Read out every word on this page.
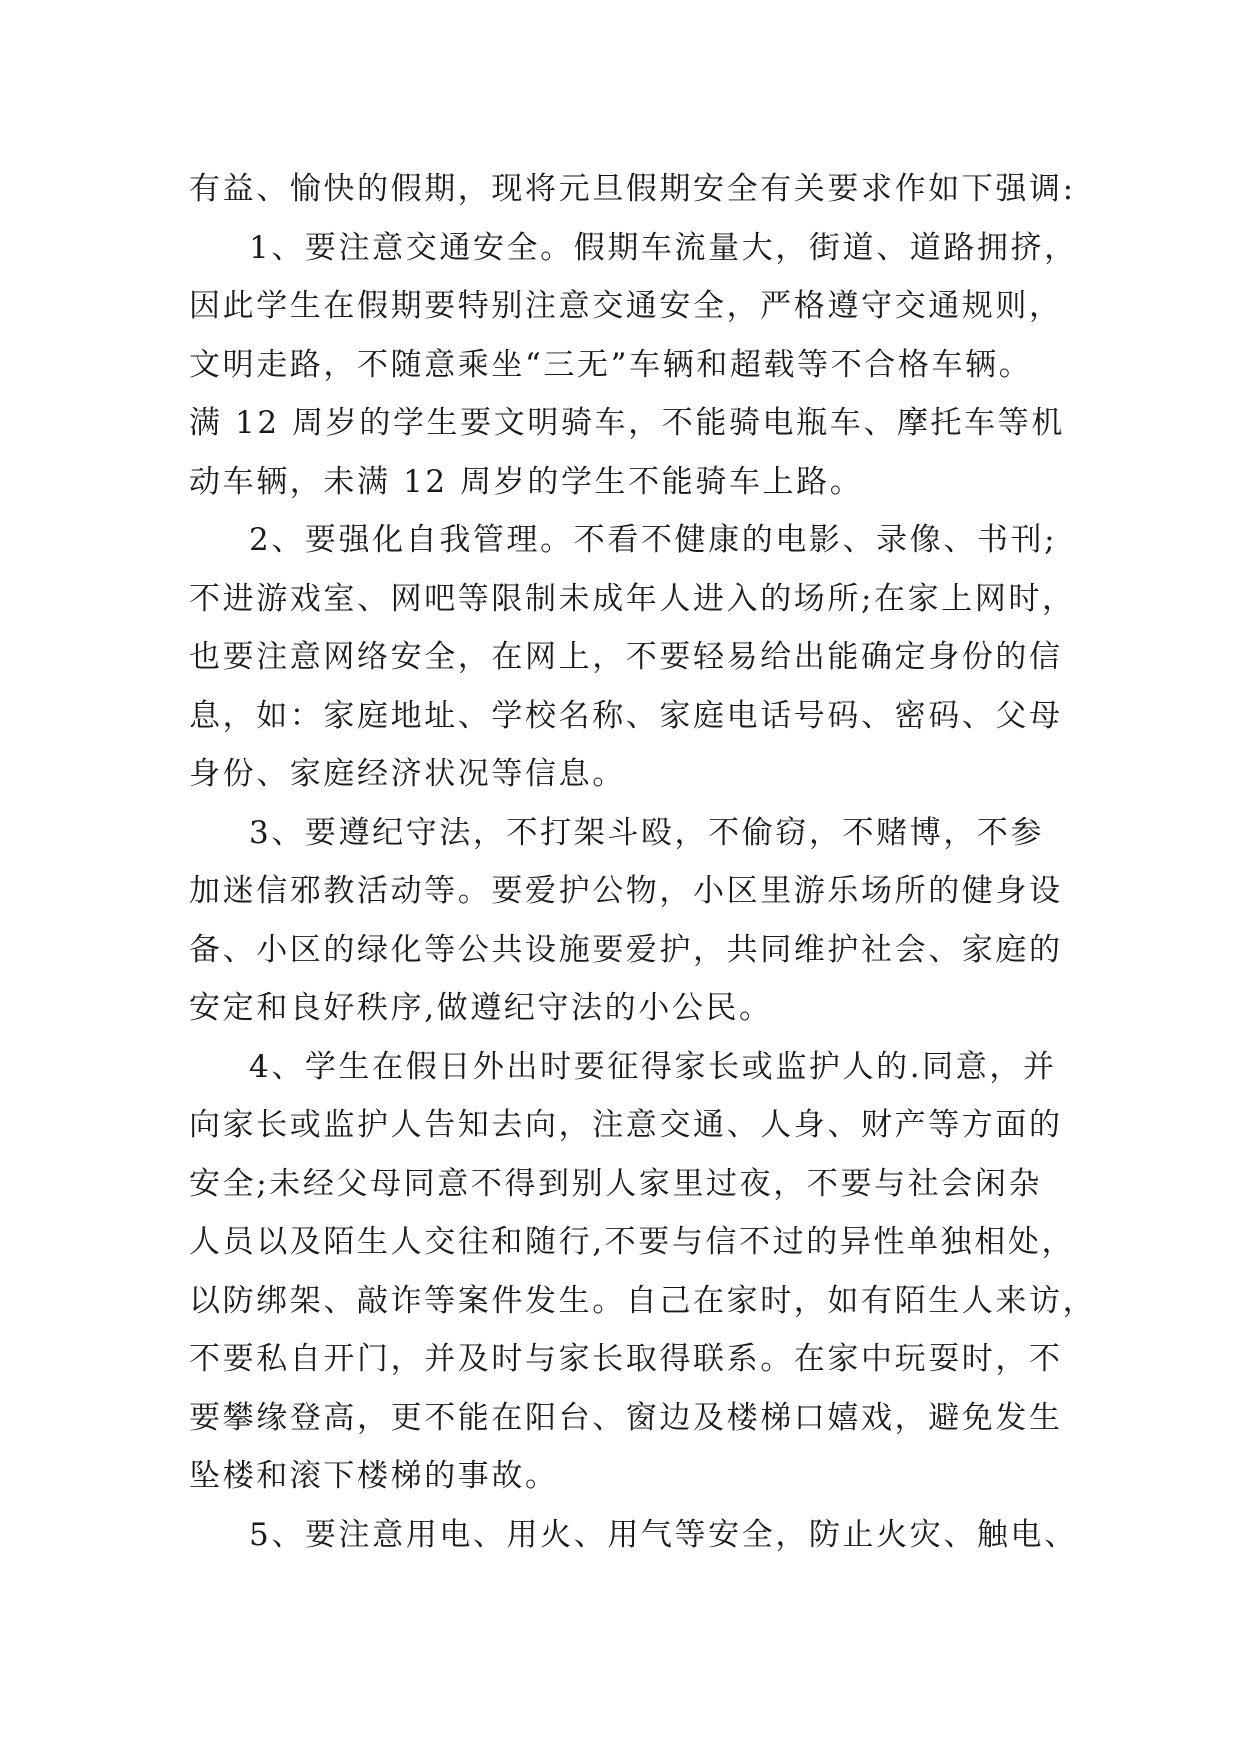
有益、愉快的假期，现将元旦假期安全有关要求作如下强调:
1、要注意交通安全。假期车流量大，街道、道路拥挤，
因此学生在假期要特别注意交通安全，严格遵守交通规则，
文明走路，不随意乘坐“三无”车辆和超载等不合格车辆。
满 12 周岁的学生要文明骑车，不能骑电瓶车、摩托车等机
动车辆，未满 12 周岁的学生不能骑车上路。
2、要强化自我管理。不看不健康的电影、录像、书刊;
不进游戏室、网吧等限制未成年人进入的场所;在家上网时，
也要注意网络安全，在网上，不要轻易给出能确定身份的信
息，如：家庭地址、学校名称、家庭电话号码、密码、父母
身份、家庭经济状况等信息。
3、要遵纪守法，不打架斗殴，不偷窃，不赌博，不参
加迷信邪教活动等。要爱护公物，小区里游乐场所的健身设
备、小区的绿化等公共设施要爱护，共同维护社会、家庭的
安定和良好秩序,做遵纪守法的小公民。
4、学生在假日外出时要征得家长或监护人的.同意，并
向家长或监护人告知去向，注意交通、人身、财产等方面的
安全;未经父母同意不得到别人家里过夜，不要与社会闲杂
人员以及陌生人交往和随行,不要与信不过的异性单独相处，
以防绑架、敲诈等案件发生。自己在家时，如有陌生人来访，
不要私自开门，并及时与家长取得联系。在家中玩耍时，不
要攀缘登高，更不能在阳台、窗边及楼梯口嬉戏，避免发生
坠楼和滚下楼梯的事故。
5、要注意用电、用火、用气等安全，防止火灾、触电、
